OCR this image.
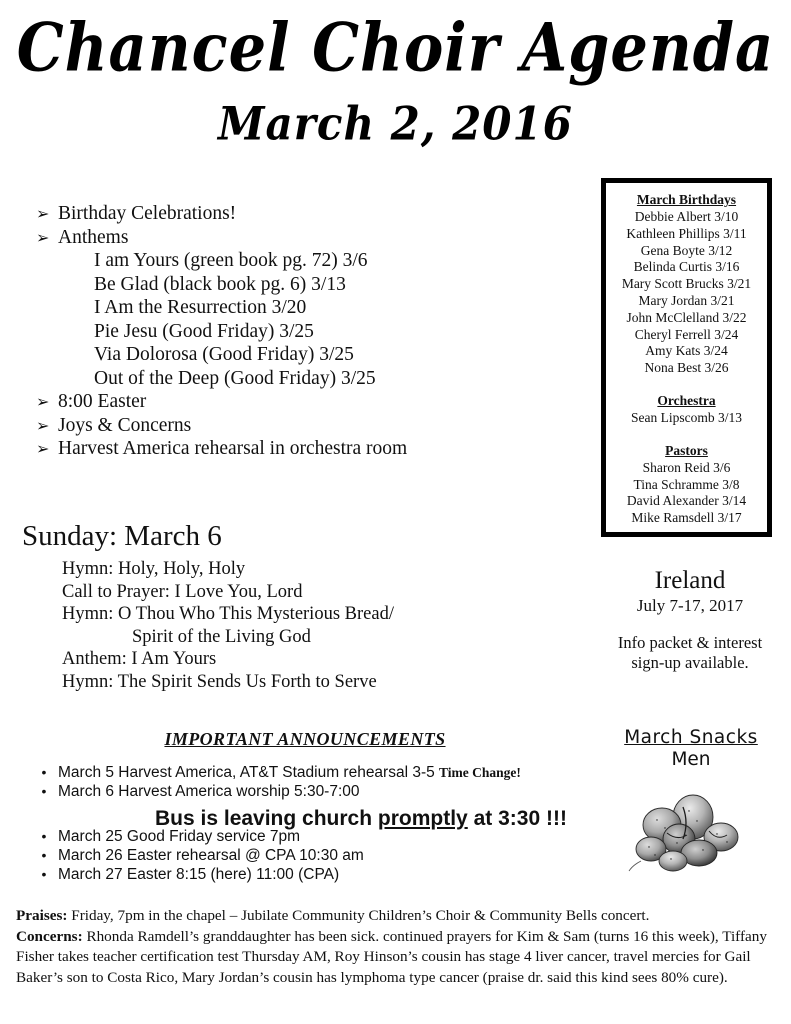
Chancel Choir Agenda
March 2, 2016
➢ Birthday Celebrations!
➢ Anthems
I am Yours (green book pg. 72) 3/6
Be Glad (black book pg. 6) 3/13
I Am the Resurrection 3/20
Pie Jesu (Good Friday) 3/25
Via Dolorosa (Good Friday) 3/25
Out of the Deep (Good Friday) 3/25
➢ 8:00 Easter
➢ Joys & Concerns
➢ Harvest America rehearsal in orchestra room
March Birthdays
Debbie Albert 3/10
Kathleen Phillips 3/11
Gena Boyte 3/12
Belinda Curtis 3/16
Mary Scott Brucks 3/21
Mary Jordan 3/21
John McClelland 3/22
Cheryl Ferrell 3/24
Amy Kats 3/24
Nona Best 3/26
Orchestra
Sean Lipscomb 3/13
Pastors
Sharon Reid 3/6
Tina Schramme 3/8
David Alexander 3/14
Mike Ramsdell 3/17
Sunday: March 6
Hymn: Holy, Holy, Holy
Call to Prayer: I Love You, Lord
Hymn: O Thou Who This Mysterious Bread/
Spirit of the Living God
Anthem: I Am Yours
Hymn: The Spirit Sends Us Forth to Serve
Ireland
July 7-17, 2017
Info packet & interest
sign-up available.
IMPORTANT ANNOUNCEMENTS
• March 5 Harvest America, AT&T Stadium rehearsal 3-5 Time Change!
• March 6 Harvest America worship 5:30-7:00
• March 25 Good Friday service 7pm
• March 26 Easter rehearsal @ CPA 10:30 am
• March 27 Easter 8:15 (here) 11:00 (CPA)
Bus is leaving church promptly at 3:30 !!!
March Snacks
Men
Praises: Friday, 7pm in the chapel – Jubilate Community Children’s Choir & Community Bells concert.
Concerns: Rhonda Ramdell’s granddaughter has been sick. continued prayers for Kim & Sam (turns 16 this week), Tiffany Fisher takes teacher certification test Thursday AM, Roy Hinson’s cousin has stage 4 liver cancer, travel mercies for Gail Baker’s son to Costa Rico, Mary Jordan’s cousin has lymphoma type cancer (praise dr. said this kind sees 80% cure).
